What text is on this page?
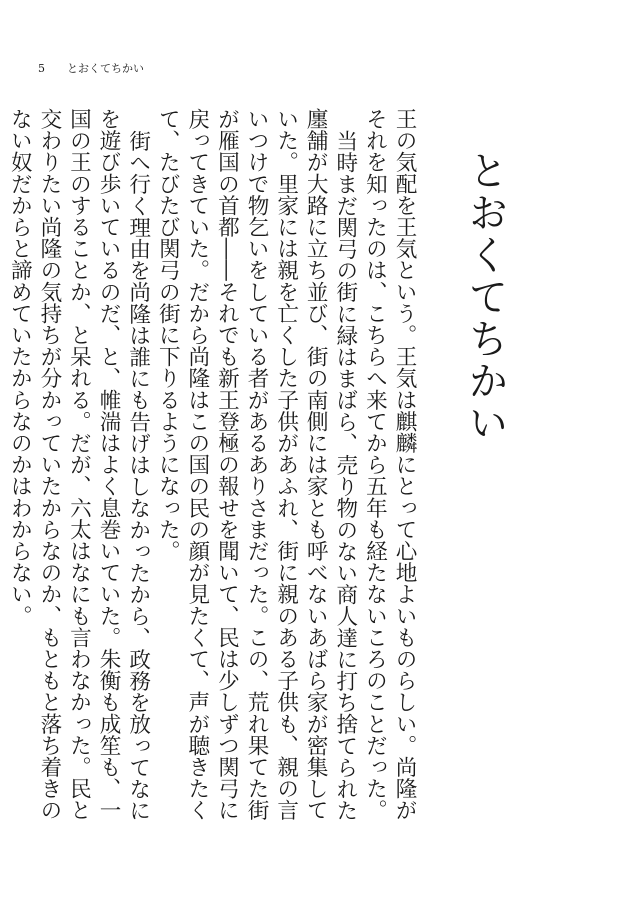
5 とおくてちかい
とおくてちかい

王の気配を王気という。王気は麒麟にとって心地よいものらしい。尚隆がそれを知ったのは、こちらへ来てから五年も経たないころのことだった。

当時まだ関弓の街に緑はまばら、売り物のない商人達に打ち捨てられた廛舗が大路に立ち並び、街の南側には家とも呼べないあばら家が密集していた。里家には親を亡くした子供があふれ、街に親のある子供も、親の言いつけで物乞いをしている者があるありさまだった。この、荒れ果てた街が雁国の首都――それでも新王登極の報せを聞いて、民は少しずつ関弓に戻ってきていた。だから尚隆はこの国の民の顔が見たくて、声が聴きたくて、たびたび関弓の街に下りるようになった。

街へ行く理由を尚隆は誰にも告げはしなかったから、政務を放ってなにを遊び歩いているのだ、と、帷湍はよく息巻いていた。朱衡も成笙も、一国の王のすることか、と呆れる。だが、六太はなにも言わなかった。民と交わりたい尚隆の気持ちが分かっていたからなのか、もともと落ち着きのない奴だからと諦めていたからなのかはわからない。
